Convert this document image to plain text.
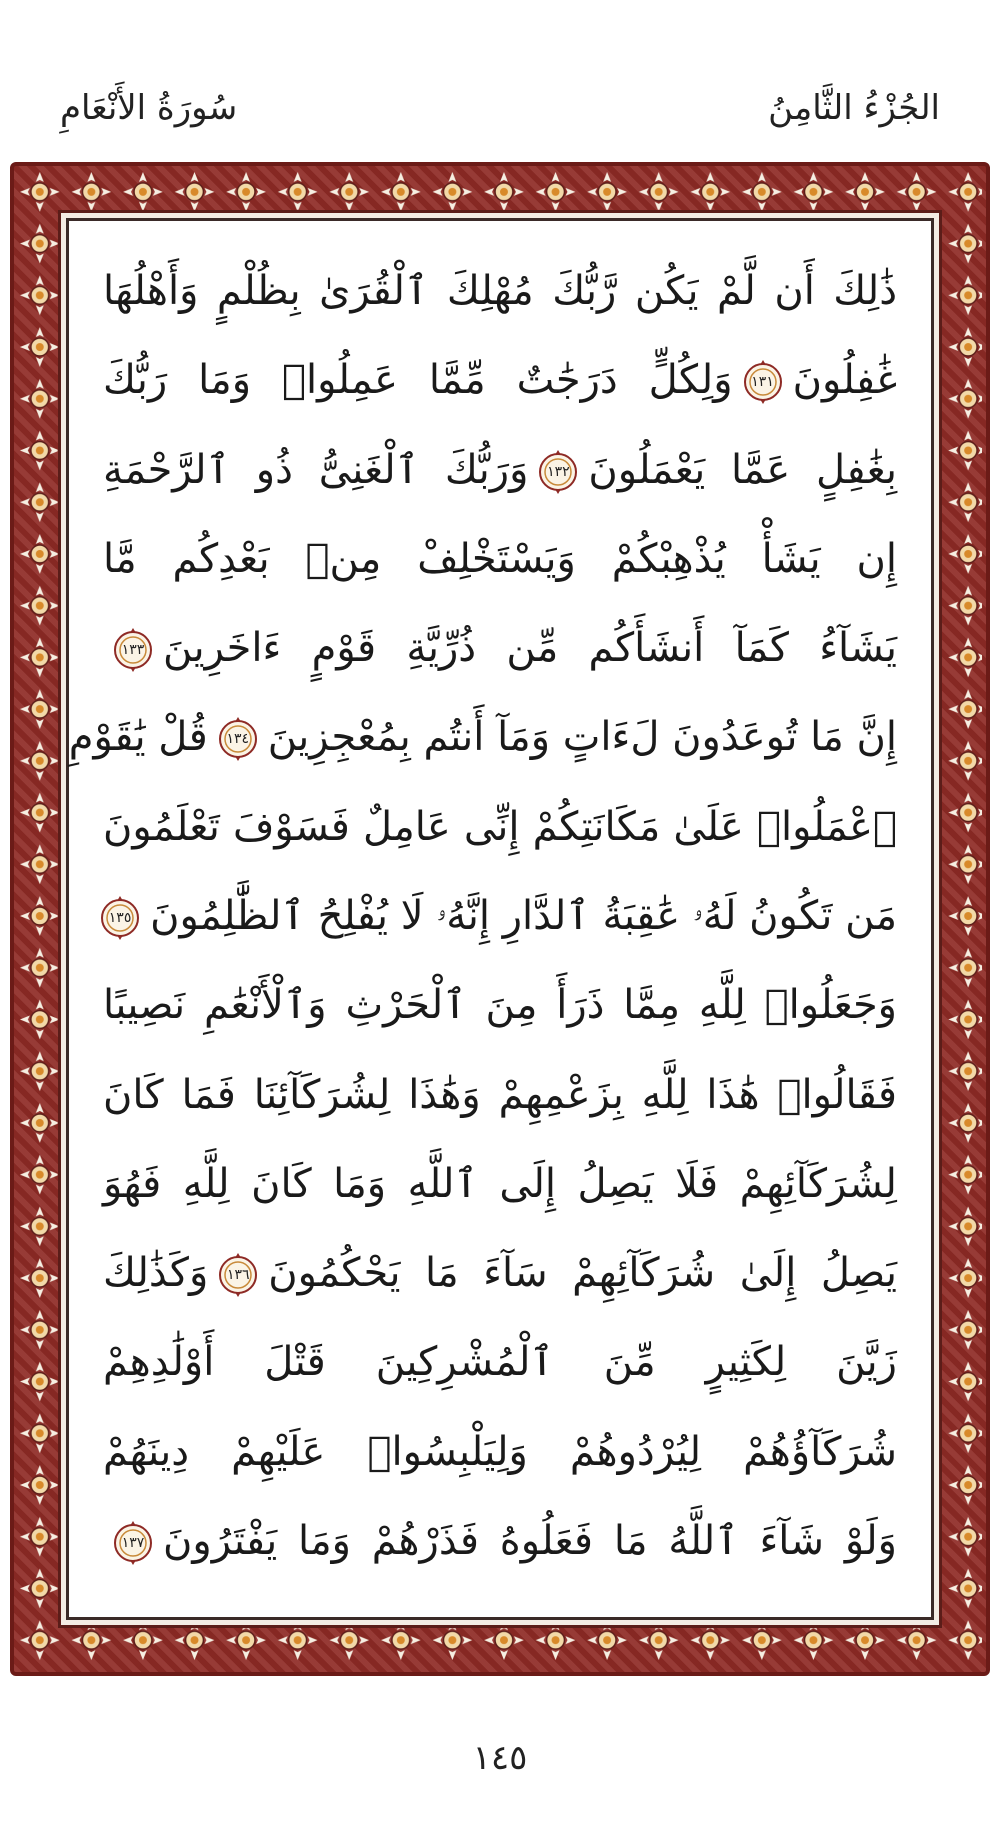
الجُزْءُ الثَّامِنُ
سُورَةُ الأَنْعَامِ
ذَٰلِكَ أَن لَّمْ يَكُن رَّبُّكَ مُهْلِكَ ٱلْقُرَىٰ بِظُلْمٍ وَأَهْلُهَا
غَٰفِلُونَ
١٣١
وَلِكُلٍّ دَرَجَٰتٌ مِّمَّا عَمِلُوا۟ وَمَا رَبُّكَ
بِغَٰفِلٍ عَمَّا يَعْمَلُونَ
١٣٢
وَرَبُّكَ ٱلْغَنِىُّ ذُو ٱلرَّحْمَةِ
إِن يَشَأْ يُذْهِبْكُمْ وَيَسْتَخْلِفْ مِنۢ بَعْدِكُم مَّا
يَشَآءُ كَمَآ أَنشَأَكُم مِّن ذُرِّيَّةِ قَوْمٍ ءَاخَرِينَ
١٣٣
إِنَّ مَا تُوعَدُونَ لَءَاتٍ وَمَآ أَنتُم بِمُعْجِزِينَ
١٣٤
قُلْ يَٰقَوْمِ
ٱعْمَلُوا۟ عَلَىٰ مَكَانَتِكُمْ إِنِّى عَامِلٌ فَسَوْفَ تَعْلَمُونَ
مَن تَكُونُ لَهُۥ عَٰقِبَةُ ٱلدَّارِ إِنَّهُۥ لَا يُفْلِحُ ٱلظَّٰلِمُونَ
١٣٥
وَجَعَلُوا۟ لِلَّهِ مِمَّا ذَرَأَ مِنَ ٱلْحَرْثِ وَٱلْأَنْعَٰمِ نَصِيبًا
فَقَالُوا۟ هَٰذَا لِلَّهِ بِزَعْمِهِمْ وَهَٰذَا لِشُرَكَآئِنَا فَمَا كَانَ
لِشُرَكَآئِهِمْ فَلَا يَصِلُ إِلَى ٱللَّهِ وَمَا كَانَ لِلَّهِ فَهُوَ
يَصِلُ إِلَىٰ شُرَكَآئِهِمْ سَآءَ مَا يَحْكُمُونَ
١٣٦
وَكَذَٰلِكَ
زَيَّنَ لِكَثِيرٍ مِّنَ ٱلْمُشْرِكِينَ قَتْلَ أَوْلَٰدِهِمْ
شُرَكَآؤُهُمْ لِيُرْدُوهُمْ وَلِيَلْبِسُوا۟ عَلَيْهِمْ دِينَهُمْ
وَلَوْ شَآءَ ٱللَّهُ مَا فَعَلُوهُ فَذَرْهُمْ وَمَا يَفْتَرُونَ
١٣٧
١٤٥
